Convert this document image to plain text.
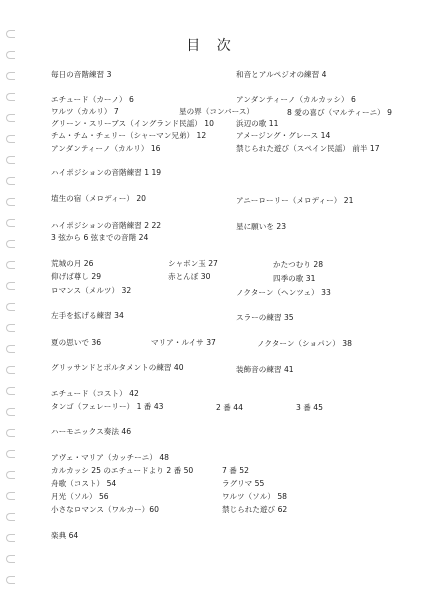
目 次
毎日の音階練習 3	和音とアルペジオの練習 4
エチュード（カーノ） 6	アンダンティーノ（カルカッシ） 6
ワルツ（カルリ） 7	星の界（コンバース）	8 愛の喜び（マルティーニ） 9
グリーン・スリーブス（イングランド民謡） 10	浜辺の歌 11
チム・チム・チェリー（シャーマン兄弟） 12	アメージング・グレース 14
アンダンティーノ（カルリ） 16	禁じられた遊び（スペイン民謡） 前半 17
ハイポジションの音階練習 1 19
埴生の宿（メロディー） 20	アニーローリー（メロディー） 21
ハイポジションの音階練習 2 22	星に願いを 23
3 弦から 6 弦までの音階 24
荒城の月 26	シャボン玉 27	かたつむり 28
仰げば尊し 29	赤とんぼ 30	四季の歌 31
ロマンス（メルツ） 32	ノクターン（ヘンツェ） 33
左手を拡げる練習 34	スラーの練習 35
夏の思いで 36	マリア・ルイサ 37	ノクターン（ショパン） 38
グリッサンドとポルタメントの練習 40	装飾音の練習 41
エチュード（コスト） 42
タンゴ（フェレーリー） 1 番 43	2 番 44	3 番 45
ハーモニックス奏法 46
アヴェ・マリア（カッチーニ） 48
カルカッシ 25 のエチュードより 2 番 50	7 番 52
舟歌（コスト） 54	ラグリマ 55
月光（ソル） 56	ワルツ（ソル） 58
小さなロマンス（ワルカー）60	禁じられた遊び 62
楽典 64
